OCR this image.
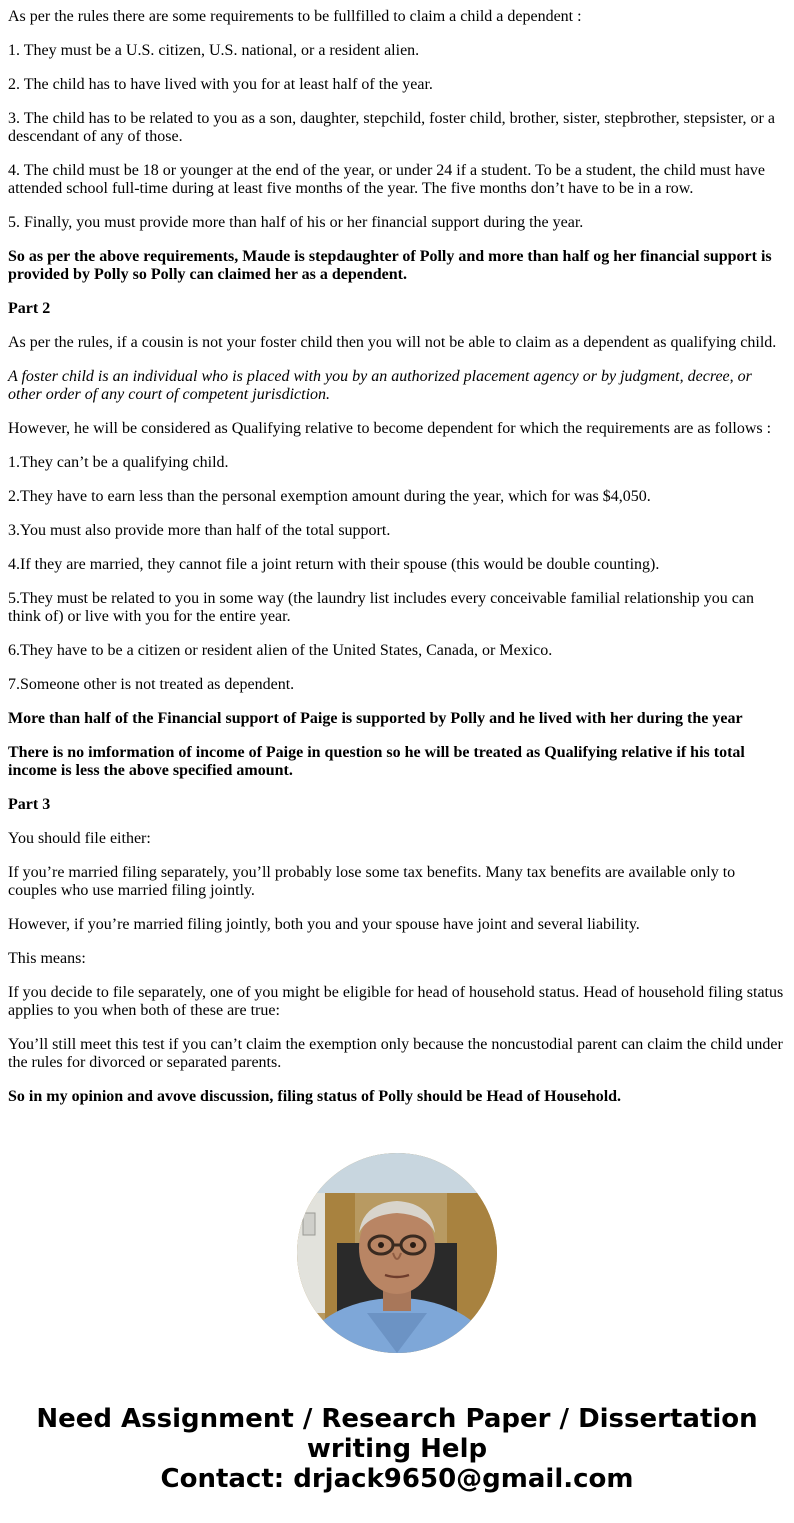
As per the rules there are some requirements to be fullfilled to claim a child a dependent :

1. They must be a U.S. citizen, U.S. national, or a resident alien.

2. The child has to have lived with you for at least half of the year.

3. The child has to be related to you as a son, daughter, stepchild, foster child, brother, sister, stepbrother, stepsister, or a descendant of any of those.

4. The child must be 18 or younger at the end of the year, or under 24 if a student. To be a student, the child must have attended school full-time during at least five months of the year. The five months don’t have to be in a row.

5. Finally, you must provide more than half of his or her financial support during the year.

So as per the above requirements, Maude is stepdaughter of Polly and more than half og her financial support is provided by Polly so Polly can claimed her as a dependent.

Part 2

As per the rules, if a cousin is not your foster child then you will not be able to claim as a dependent as qualifying child.

A foster child is an individual who is placed with you by an authorized placement agency or by judgment, decree, or other order of any court of competent jurisdiction.

However, he will be considered as Qualifying relative to become dependent for which the requirements are as follows :

1.They can’t be a qualifying child.

2.They have to earn less than the personal exemption amount during the year, which for was $4,050.

3.You must also provide more than half of the total support.

4.If they are married, they cannot file a joint return with their spouse (this would be double counting).

5.They must be related to you in some way (the laundry list includes every conceivable familial relationship you can think of) or live with you for the entire year.

6.They have to be a citizen or resident alien of the United States, Canada, or Mexico.

7.Someone other is not treated as dependent.

More than half of the Financial support of Paige is supported by Polly and he lived with her during the year

There is no imformation of income of Paige in question so he will be treated as Qualifying relative if his total income is less the above specified amount.

Part 3

You should file either:

If you’re married filing separately, you’ll probably lose some tax benefits. Many tax benefits are available only to couples who use married filing jointly.

However, if you’re married filing jointly, both you and your spouse have joint and several liability.

This means:

If you decide to file separately, one of you might be eligible for head of household status. Head of household filing status applies to you when both of these are true:

You’ll still meet this test if you can’t claim the exemption only because the noncustodial parent can claim the child under the rules for divorced or separated parents.

So in my opinion and avove discussion, filing status of Polly should be Head of Household.

Need Assignment / Research Paper / Dissertation writing Help
Contact: drjack9650@gmail.com
